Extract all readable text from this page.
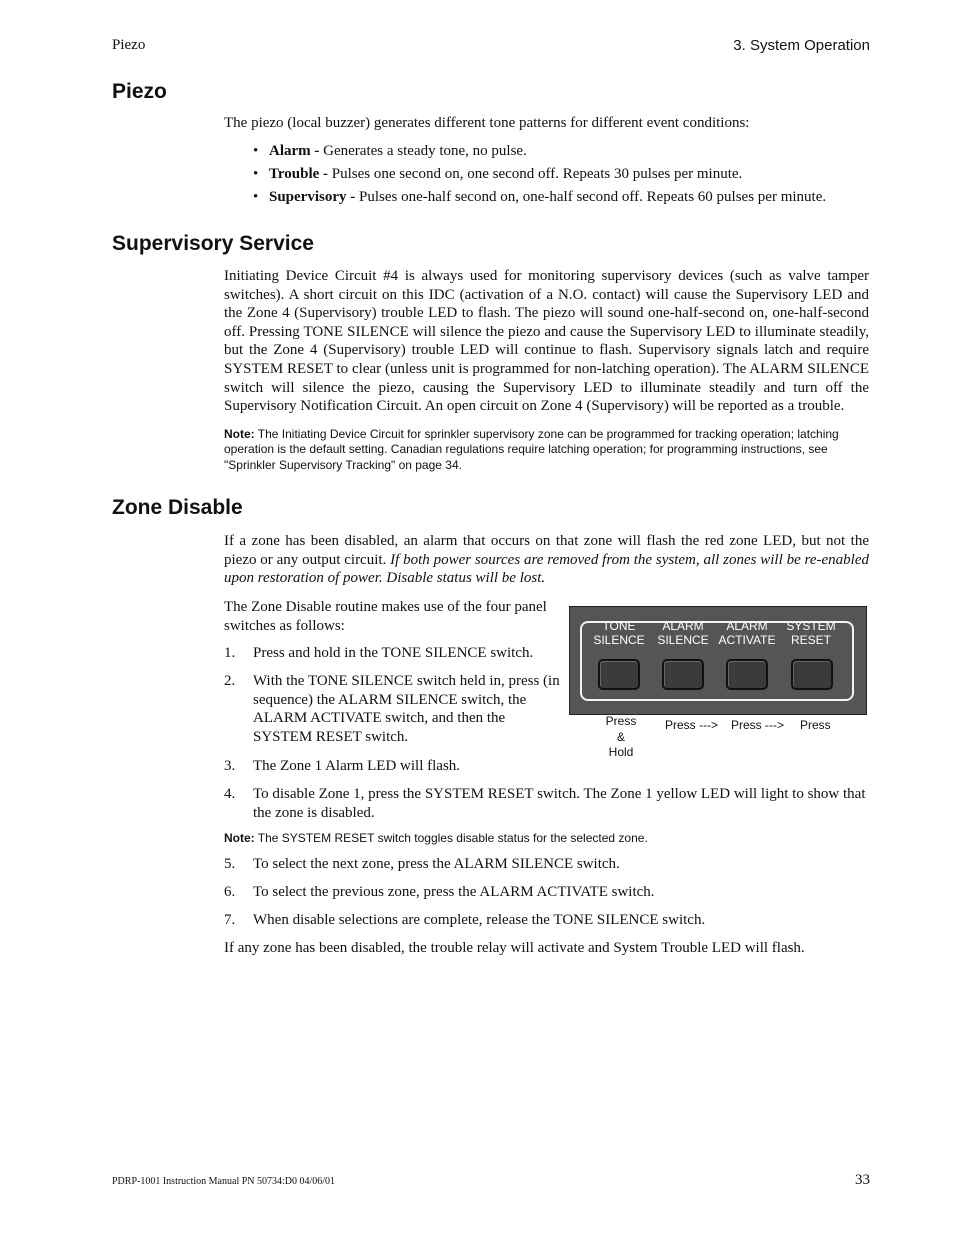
Piezo	3. System Operation
Piezo

The piezo (local buzzer) generates different tone patterns for different event conditions:

• Alarm - Generates a steady tone, no pulse.
• Trouble - Pulses one second on, one second off. Repeats 30 pulses per minute.
• Supervisory - Pulses one-half second on, one-half second off. Repeats 60 pulses per minute.
Supervisory Service

Initiating Device Circuit #4 is always used for monitoring supervisory devices (such as valve tamper switches). A short circuit on this IDC (activation of a N.O. contact) will cause the Supervisory LED and the Zone 4 (Supervisory) trouble LED to flash. The piezo will sound one-half-second on, one-half-second off. Pressing TONE SILENCE will silence the piezo and cause the Supervisory LED to illuminate steadily, but the Zone 4 (Supervisory) trouble LED will continue to flash. Supervisory signals latch and require SYSTEM RESET to clear (unless unit is programmed for non-latching operation). The ALARM SILENCE switch will silence the piezo, causing the Supervisory LED to illuminate steadily and turn off the Supervisory Notification Circuit. An open circuit on Zone 4 (Supervisory) will be reported as a trouble.

Note: The Initiating Device Circuit for sprinkler supervisory zone can be programmed for tracking operation; latching operation is the default setting. Canadian regulations require latching operation; for programming instructions, see "Sprinkler Supervisory Tracking" on page 34.

Zone Disable

If a zone has been disabled, an alarm that occurs on that zone will flash the red zone LED, but not the piezo or any output circuit. If both power sources are removed from the system, all zones will be re-enabled upon restoration of power. Disable status will be lost.

The Zone Disable routine makes use of the four panel switches as follows:

1. Press and hold in the TONE SILENCE switch.
2. With the TONE SILENCE switch held in, press (in sequence) the ALARM SILENCE switch, the ALARM ACTIVATE switch, and then the SYSTEM RESET switch.
3. The Zone 1 Alarm LED will flash.
4. To disable Zone 1, press the SYSTEM RESET switch. The Zone 1 yellow LED will light to show that the zone is disabled.

Note: The SYSTEM RESET switch toggles disable status for the selected zone.

5. To select the next zone, press the ALARM SILENCE switch.
6. To select the previous zone, press the ALARM ACTIVATE switch.
7. When disable selections are complete, release the TONE SILENCE switch.

If any zone has been disabled, the trouble relay will activate and System Trouble LED will flash.

TONE
SILENCE
ALARM
SILENCE
ALARM
ACTIVATE
SYSTEM
RESET
Press
&
Hold
Press ---> Press ---> Press
PDRP-1001 Instruction Manual PN 50734:D0 04/06/01	33
